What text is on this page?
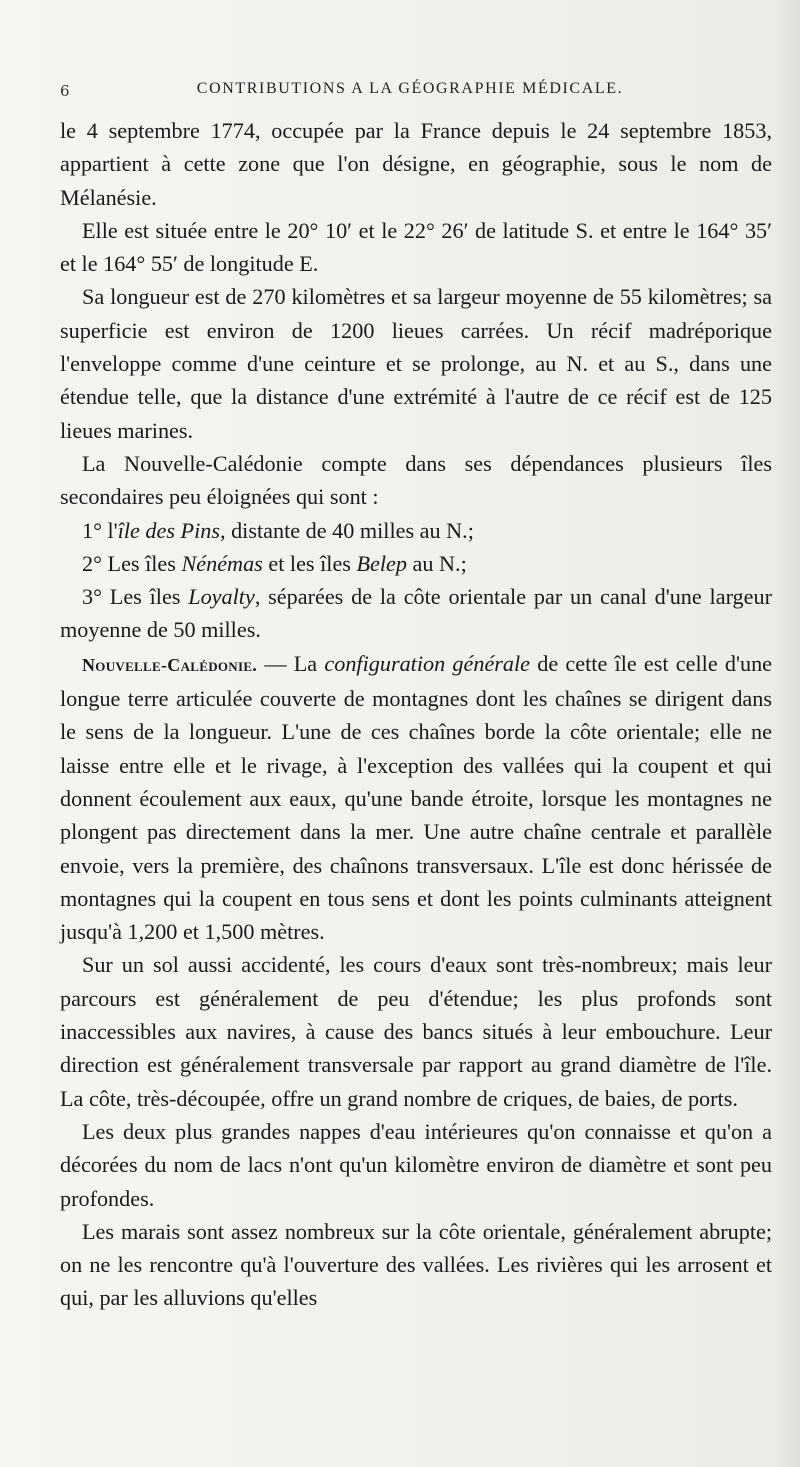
6	CONTRIBUTIONS A LA GÉOGRAPHIE MÉDICALE.

le 4 septembre 1774, occupée par la France depuis le 24 septembre 1853, appartient à cette zone que l'on désigne, en géographie, sous le nom de Mélanésie.

Elle est située entre le 20° 10′ et le 22° 26′ de latitude S. et entre le 164° 35′ et le 164° 55′ de longitude E.

Sa longueur est de 270 kilomètres et sa largeur moyenne de 55 kilomètres; sa superficie est environ de 1200 lieues carrées. Un récif madréporique l'enveloppe comme d'une ceinture et se prolonge, au N. et au S., dans une étendue telle, que la distance d'une extrémité à l'autre de ce récif est de 125 lieues marines.

La Nouvelle-Calédonie compte dans ses dépendances plusieurs îles secondaires peu éloignées qui sont :

1° l'île des Pins, distante de 40 milles au N.;

2° Les îles Nénémas et les îles Belep au N.;

3° Les îles Loyalty, séparées de la côte orientale par un canal d'une largeur moyenne de 50 milles.

Nouvelle-Calédonie. — La configuration générale de cette île est celle d'une longue terre articulée couverte de montagnes dont les chaînes se dirigent dans le sens de la longueur. L'une de ces chaînes borde la côte orientale; elle ne laisse entre elle et le rivage, à l'exception des vallées qui la coupent et qui donnent écoulement aux eaux, qu'une bande étroite, lorsque les montagnes ne plongent pas directement dans la mer. Une autre chaîne centrale et parallèle envoie, vers la première, des chaînons transversaux. L'île est donc hérissée de montagnes qui la coupent en tous sens et dont les points culminants atteignent jusqu'à 1,200 et 1,500 mètres.

Sur un sol aussi accidenté, les cours d'eaux sont très-nombreux; mais leur parcours est généralement de peu d'étendue; les plus profonds sont inaccessibles aux navires, à cause des bancs situés à leur embouchure. Leur direction est généralement transversale par rapport au grand diamètre de l'île. La côte, très-découpée, offre un grand nombre de criques, de baies, de ports.

Les deux plus grandes nappes d'eau intérieures qu'on connaisse et qu'on a décorées du nom de lacs n'ont qu'un kilomètre environ de diamètre et sont peu profondes.

Les marais sont assez nombreux sur la côte orientale, généralement abrupte; on ne les rencontre qu'à l'ouverture des vallées. Les rivières qui les arrosent et qui, par les alluvions qu'elles
